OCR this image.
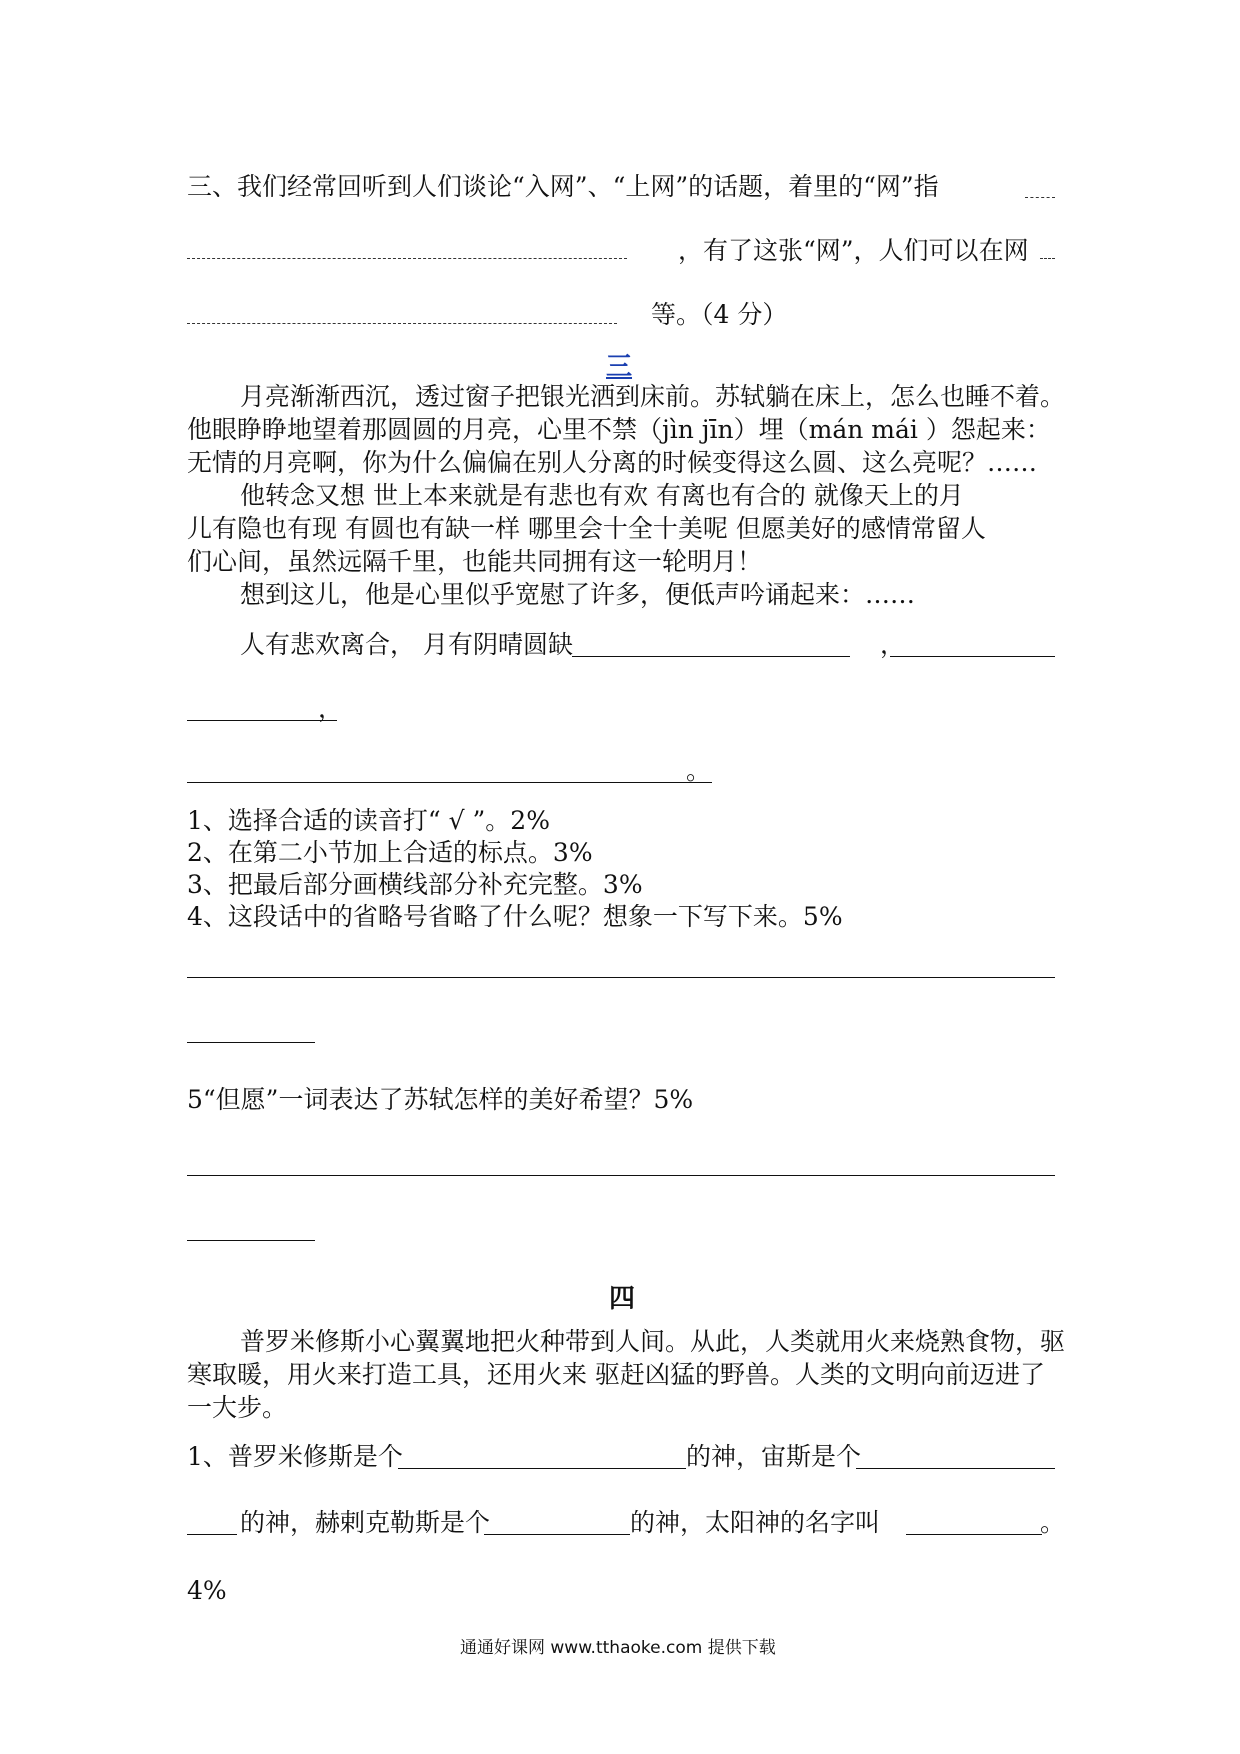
三、我们经常回听到人们谈论“入网”、“上网”的话题，着里的“网”指
，有了这张“网”，人们可以在网
等。（4 分）
三
月亮渐渐西沉，透过窗子把银光洒到床前。苏轼躺在床上，怎么也睡不着。
他眼睁睁地望着那圆圆的月亮，心里不禁（jìn jīn）埋（mán mái ）怨起来：
无情的月亮啊，你为什么偏偏在别人分离的时候变得这么圆、这么亮呢？……
他转念又想 世上本来就是有悲也有欢 有离也有合的 就像天上的月
儿有隐也有现 有圆也有缺一样 哪里会十全十美呢 但愿美好的感情常留人
们心间，虽然远隔千里，也能共同拥有这一轮明月！
想到这儿，他是心里似乎宽慰了许多，便低声吟诵起来：……
人有悲欢离合， 月有阴晴圆缺	，
，
。
1、选择合适的读音打“ √ ”。2%
2、在第二小节加上合适的标点。3%
3、把最后部分画横线部分补充完整。3%
4、这段话中的省略号省略了什么呢？想象一下写下来。5%
5“但愿”一词表达了苏轼怎样的美好希望？5%
四
普罗米修斯小心翼翼地把火种带到人间。从此，人类就用火来烧熟食物，驱
寒取暖，用火来打造工具，还用火来 驱赶凶猛的野兽。人类的文明向前迈进了
一大步。
1、普罗米修斯是个	的神，宙斯是个
的神，赫剌克勒斯是个	的神，太阳神的名字叫	。
4%
通通好课网 www.tthaoke.com 提供下载
